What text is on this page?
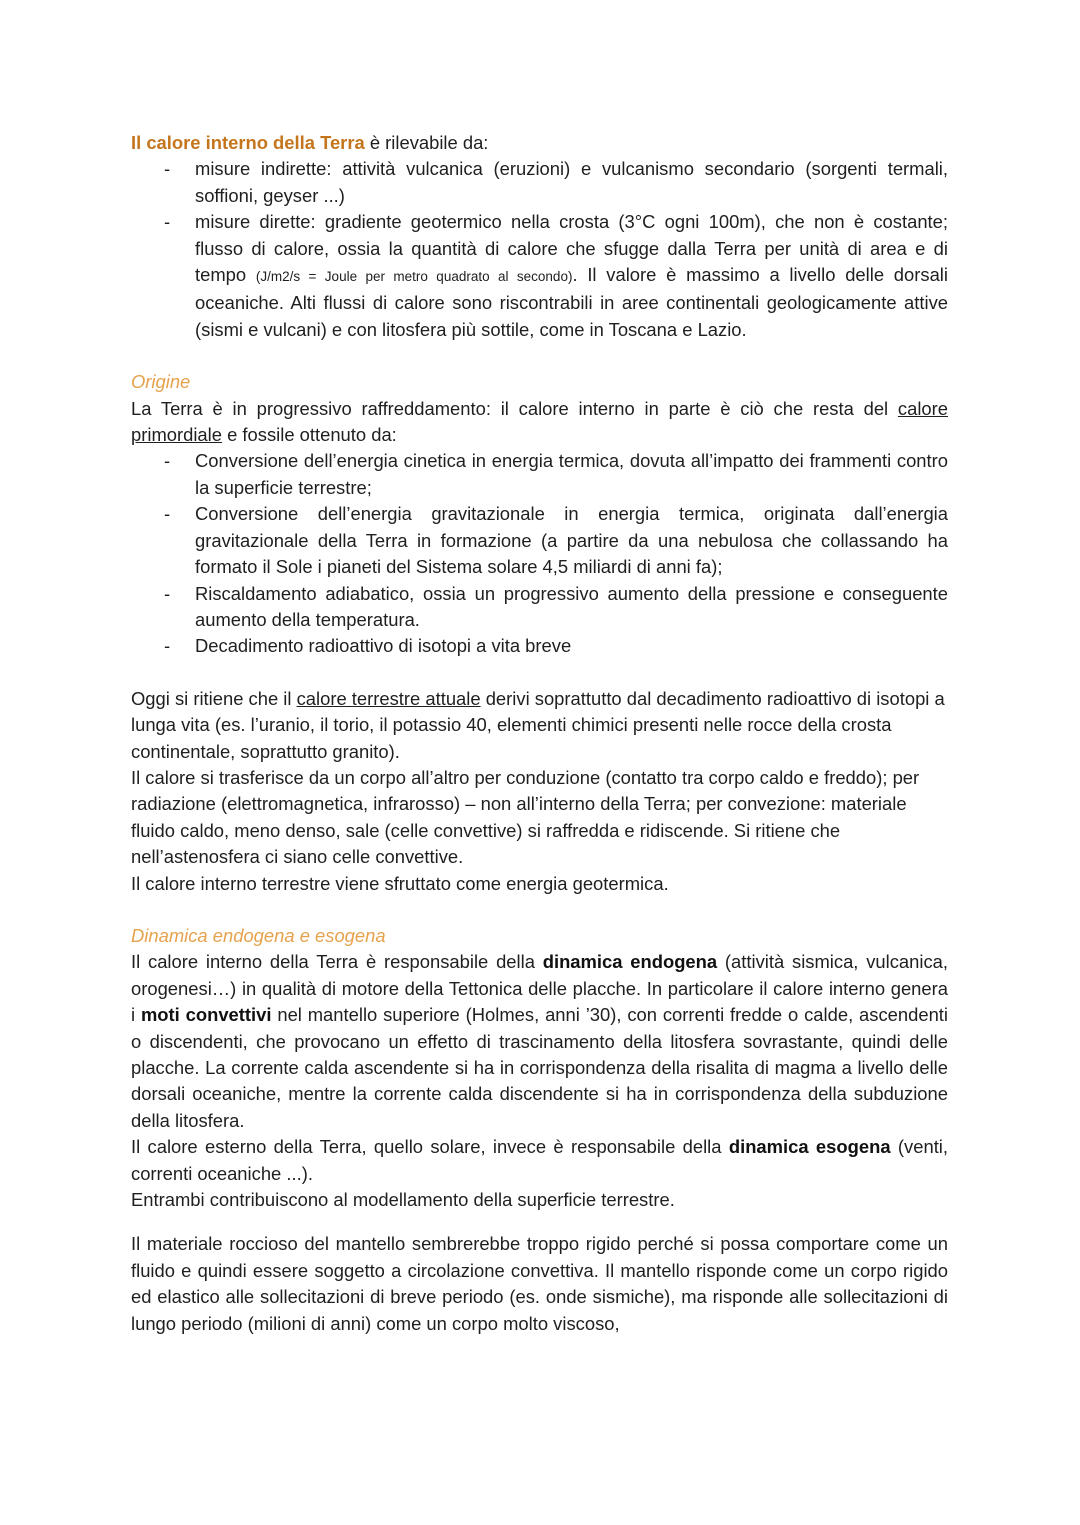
Il calore interno della Terra è rilevabile da:

- misure indirette: attività vulcanica (eruzioni) e vulcanismo secondario (sorgenti termali, soffioni, geyser ...)
- misure dirette: gradiente geotermico nella crosta (3°C ogni 100m), che non è costante; flusso di calore, ossia la quantità di calore che sfugge dalla Terra per unità di area e di tempo (J/m2/s = Joule per metro quadrato al secondo). Il valore è massimo a livello delle dorsali oceaniche. Alti flussi di calore sono riscontrabili in aree continentali geologicamente attive (sismi e vulcani) e con litosfera più sottile, come in Toscana e Lazio.

Origine

La Terra è in progressivo raffreddamento: il calore interno in parte è ciò che resta del calore primordiale e fossile ottenuto da:

- Conversione dell’energia cinetica in energia termica, dovuta all’impatto dei frammenti contro la superficie terrestre;
- Conversione dell’energia gravitazionale in energia termica, originata dall’energia gravitazionale della Terra in formazione (a partire da una nebulosa che collassando ha formato il Sole i pianeti del Sistema solare 4,5 miliardi di anni fa);
- Riscaldamento adiabatico, ossia un progressivo aumento della pressione e conseguente aumento della temperatura.
- Decadimento radioattivo di isotopi a vita breve

Oggi si ritiene che il calore terrestre attuale derivi soprattutto dal decadimento radioattivo di isotopi a lunga vita (es. l’uranio, il torio, il potassio 40, elementi chimici presenti nelle rocce della crosta continentale, soprattutto granito).

Il calore si trasferisce da un corpo all’altro per conduzione (contatto tra corpo caldo e freddo); per radiazione (elettromagnetica, infrarosso) – non all’interno della Terra; per convezione: materiale fluido caldo, meno denso, sale (celle convettive) si raffredda e ridiscende. Si ritiene che nell’astenosfera ci siano celle convettive.

Il calore interno terrestre viene sfruttato come energia geotermica.

Dinamica endogena e esogena

Il calore interno della Terra è responsabile della dinamica endogena (attività sismica, vulcanica, orogenesi…) in qualità di motore della Tettonica delle placche. In particolare il calore interno genera i moti convettivi nel mantello superiore (Holmes, anni ’30), con correnti fredde o calde, ascendenti o discendenti, che provocano un effetto di trascinamento della litosfera sovrastante, quindi delle placche. La corrente calda ascendente si ha in corrispondenza della risalita di magma a livello delle dorsali oceaniche, mentre la corrente calda discendente si ha in corrispondenza della subduzione della litosfera.

Il calore esterno della Terra, quello solare, invece è responsabile della dinamica esogena (venti, correnti oceaniche ...).

Entrambi contribuiscono al modellamento della superficie terrestre.

Il materiale roccioso del mantello sembrerebbe troppo rigido perché si possa comportare come un fluido e quindi essere soggetto a circolazione convettiva. Il mantello risponde come un corpo rigido ed elastico alle sollecitazioni di breve periodo (es. onde sismiche), ma risponde alle sollecitazioni di lungo periodo (milioni di anni) come un corpo molto viscoso,
